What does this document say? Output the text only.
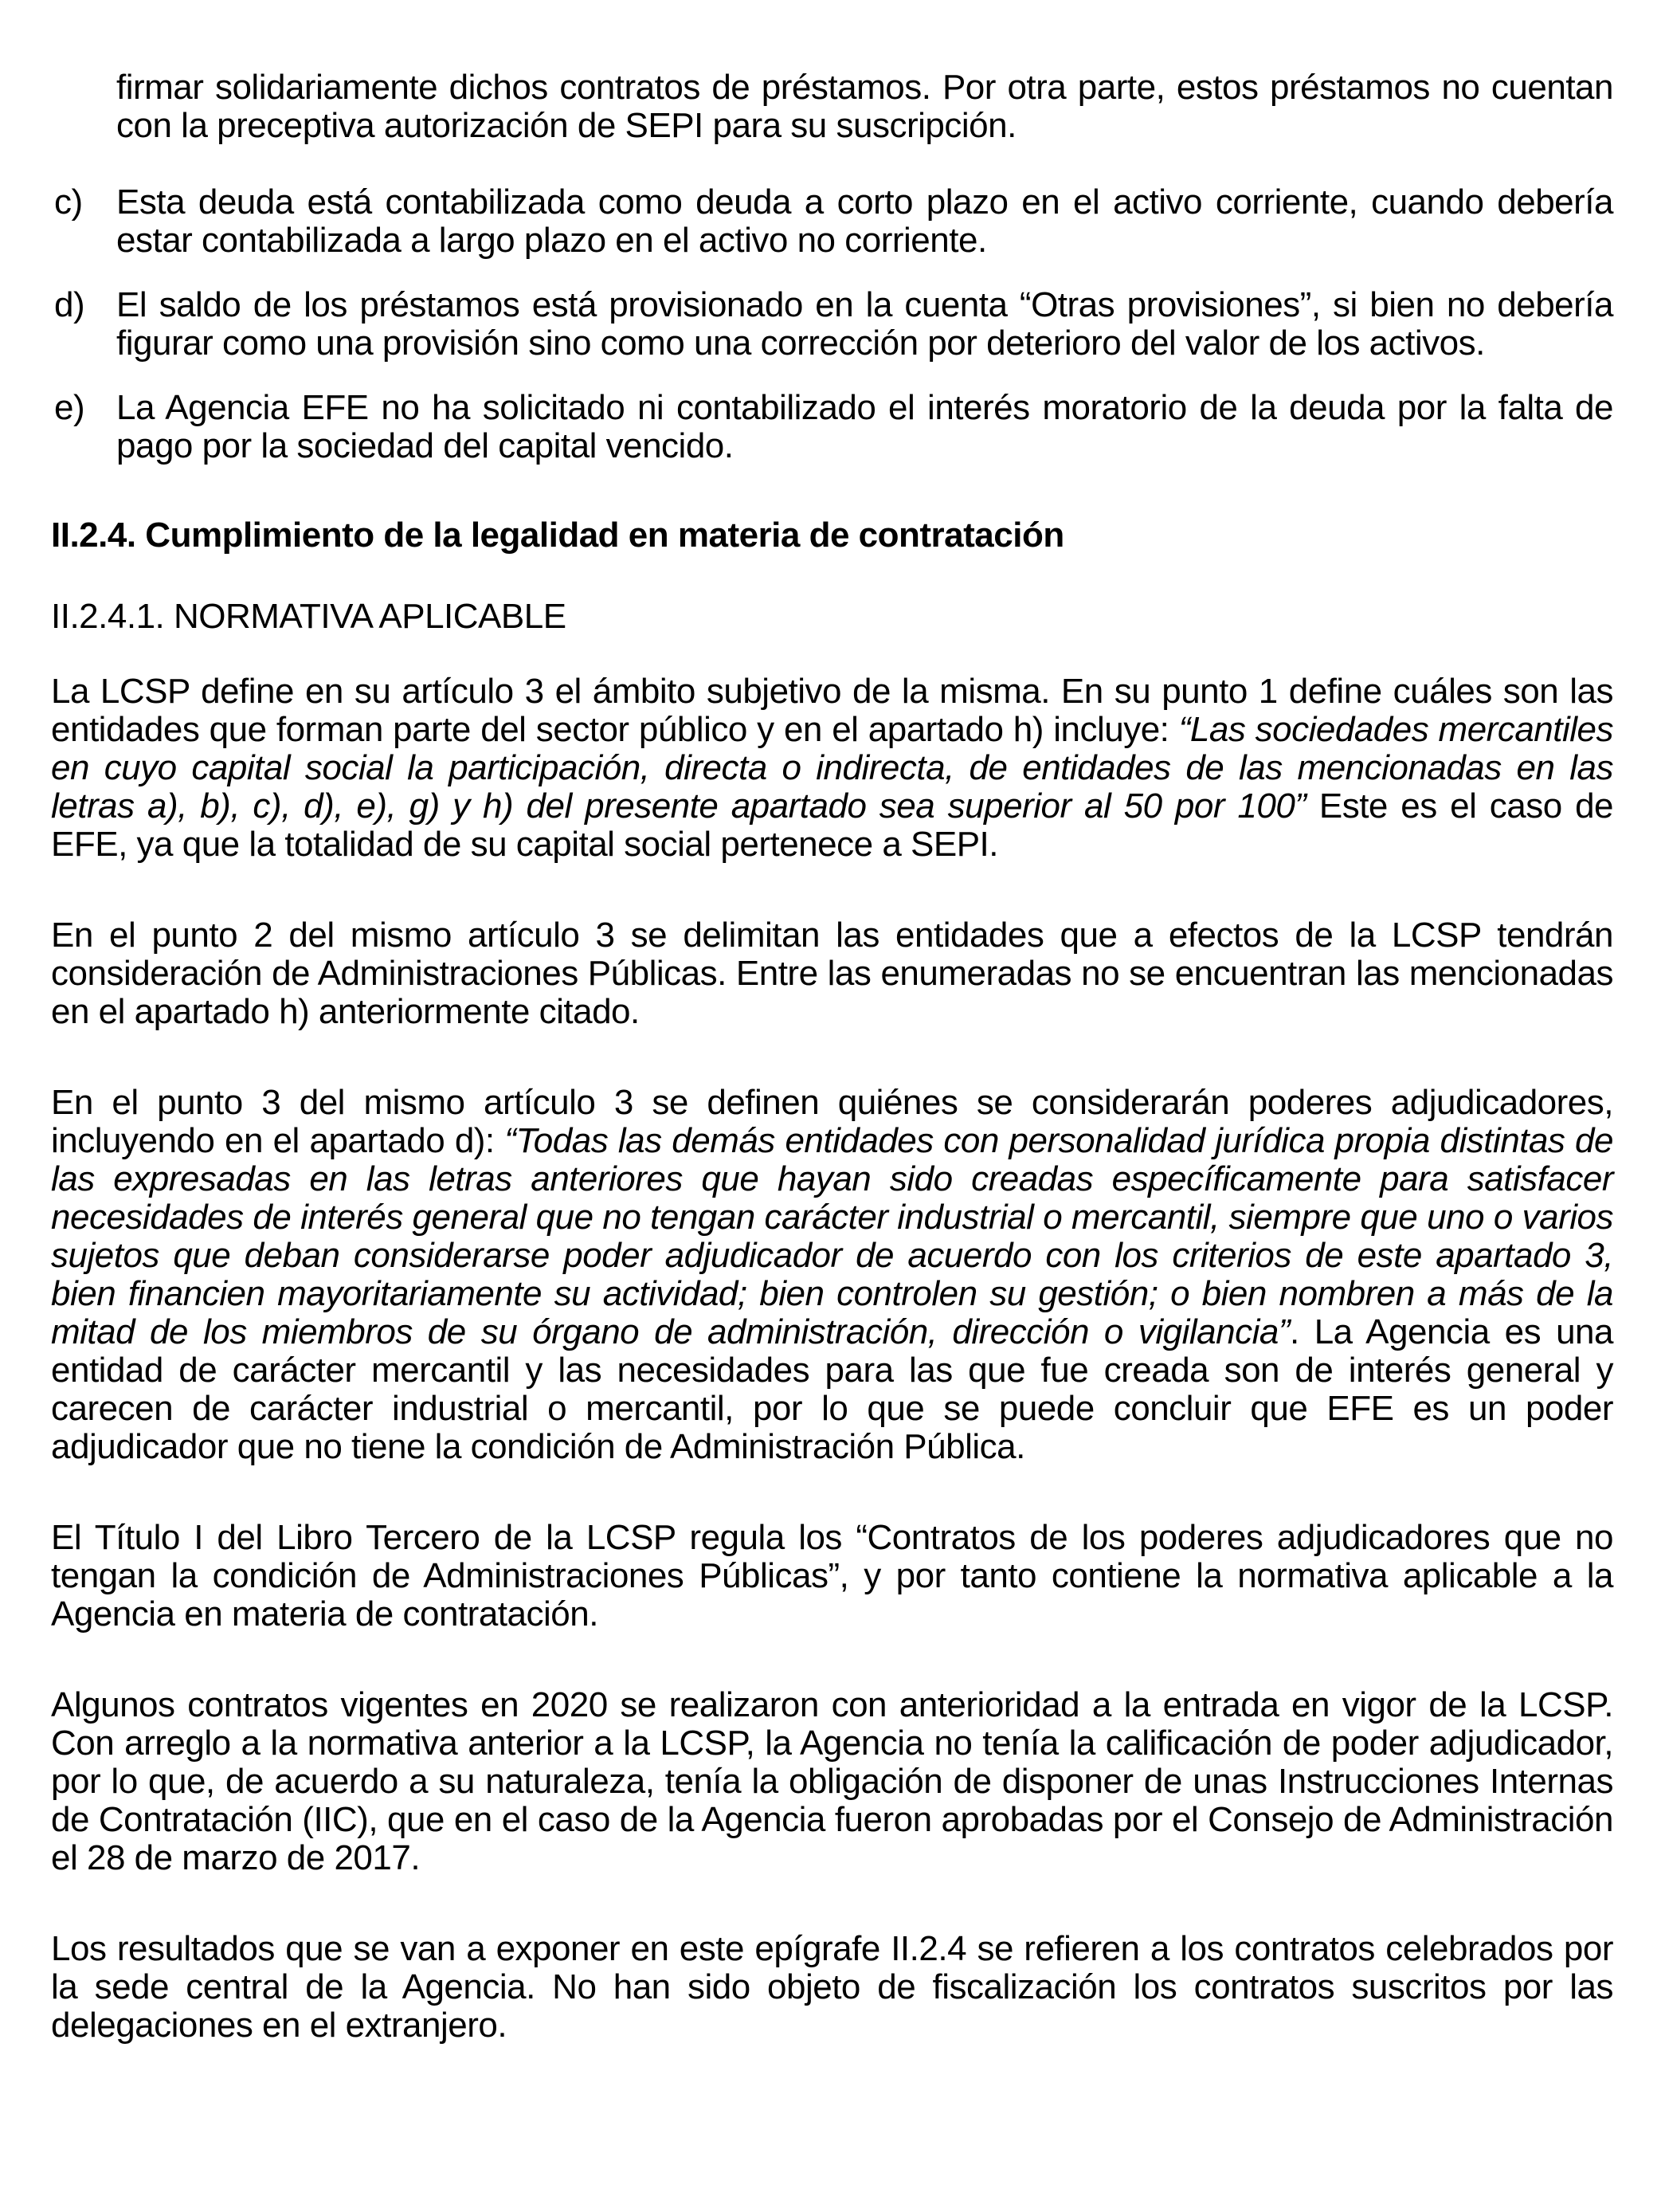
firmar solidariamente dichos contratos de préstamos. Por otra parte, estos préstamos no cuentan con la preceptiva autorización de SEPI para su suscripción.

c) Esta deuda está contabilizada como deuda a corto plazo en el activo corriente, cuando debería estar contabilizada a largo plazo en el activo no corriente.
d) El saldo de los préstamos está provisionado en la cuenta “Otras provisiones”, si bien no debería figurar como una provisión sino como una corrección por deterioro del valor de los activos.
e) La Agencia EFE no ha solicitado ni contabilizado el interés moratorio de la deuda por la falta de pago por la sociedad del capital vencido.
II.2.4. Cumplimiento de la legalidad en materia de contratación
II.2.4.1. NORMATIVA APLICABLE

La LCSP define en su artículo 3 el ámbito subjetivo de la misma. En su punto 1 define cuáles son las entidades que forman parte del sector público y en el apartado h) incluye: “Las sociedades mercantiles en cuyo capital social la participación, directa o indirecta, de entidades de las mencionadas en las letras a), b), c), d), e), g) y h) del presente apartado sea superior al 50 por 100” Este es el caso de EFE, ya que la totalidad de su capital social pertenece a SEPI.

En el punto 2 del mismo artículo 3 se delimitan las entidades que a efectos de la LCSP tendrán consideración de Administraciones Públicas. Entre las enumeradas no se encuentran las mencionadas en el apartado h) anteriormente citado.

En el punto 3 del mismo artículo 3 se definen quiénes se considerarán poderes adjudicadores, incluyendo en el apartado d): “Todas las demás entidades con personalidad jurídica propia distintas de las expresadas en las letras anteriores que hayan sido creadas específicamente para satisfacer necesidades de interés general que no tengan carácter industrial o mercantil, siempre que uno o varios sujetos que deban considerarse poder adjudicador de acuerdo con los criterios de este apartado 3, bien financien mayoritariamente su actividad; bien controlen su gestión; o bien nombren a más de la mitad de los miembros de su órgano de administración, dirección o vigilancia”. La Agencia es una entidad de carácter mercantil y las necesidades para las que fue creada son de interés general y carecen de carácter industrial o mercantil, por lo que se puede concluir que EFE es un poder adjudicador que no tiene la condición de Administración Pública.

El Título I del Libro Tercero de la LCSP regula los “Contratos de los poderes adjudicadores que no tengan la condición de Administraciones Públicas”, y por tanto contiene la normativa aplicable a la Agencia en materia de contratación.

Algunos contratos vigentes en 2020 se realizaron con anterioridad a la entrada en vigor de la LCSP. Con arreglo a la normativa anterior a la LCSP, la Agencia no tenía la calificación de poder adjudicador, por lo que, de acuerdo a su naturaleza, tenía la obligación de disponer de unas Instrucciones Internas de Contratación (IIC), que en el caso de la Agencia fueron aprobadas por el Consejo de Administración el 28 de marzo de 2017.

Los resultados que se van a exponer en este epígrafe II.2.4 se refieren a los contratos celebrados por la sede central de la Agencia. No han sido objeto de fiscalización los contratos suscritos por las delegaciones en el extranjero.
